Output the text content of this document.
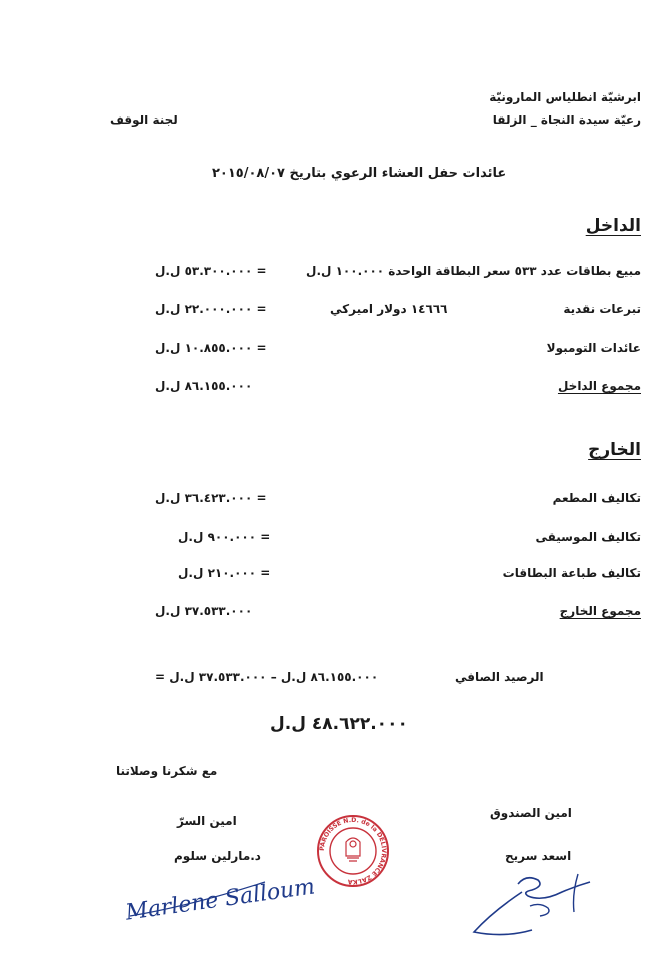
ابرشيّة انطلياس المارونيّة
رعيّة سيدة النجاة _ الزلقا
لجنة الوقف
عائدات حفل العشاء الرعوي بتاريخ ٢٠١٥/٠٨/٠٧
الداخل
مبيع بطاقات عدد ٥٣٣ سعر البطاقة الواحدة ١٠٠.٠٠٠ ل.ل
= ٥٣.٣٠٠.٠٠٠ ل.ل
تبرعات نقدية
١٤٦٦٦ دولار اميركي
= ٢٢.٠٠٠.٠٠٠ ل.ل
عائدات التومبولا
= ١٠.٨٥٥.٠٠٠ ل.ل
مجموع الداخل
٨٦.١٥٥.٠٠٠ ل.ل
الخارج
تكاليف المطعم
= ٣٦.٤٢٣.٠٠٠ ل.ل
تكاليف الموسيقى
= ٩٠٠.٠٠٠ ل.ل
تكاليف طباعة البطاقات
= ٢١٠.٠٠٠ ل.ل
مجموع الخارج
٣٧.٥٣٣.٠٠٠ ل.ل
الرصيد الصافي
٨٦.١٥٥.٠٠٠ ل.ل – ٣٧.٥٣٣.٠٠٠ ل.ل =
٤٨.٦٢٢.٠٠٠ ل.ل
مع شكرنا وصلاتنا
امين الصندوق
امين السرّ
اسعد سريح
د.مارلين سلوم
PAROISSE N.D. de la DELIVRANCE ZALKA
Marlene Salloum
